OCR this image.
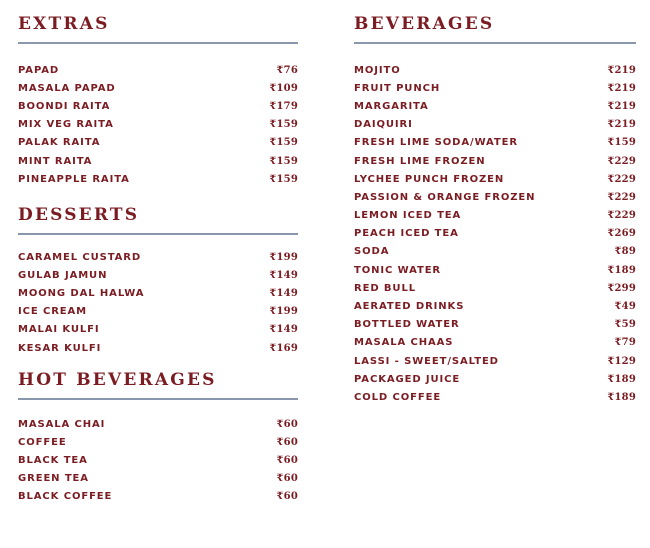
EXTRAS
PAPAD	₹76
MASALA PAPAD	₹109
BOONDI RAITA	₹179
MIX VEG RAITA	₹159
PALAK RAITA	₹159
MINT RAITA	₹159
PINEAPPLE RAITA	₹159
DESSERTS
CARAMEL CUSTARD	₹199
GULAB JAMUN	₹149
MOONG DAL HALWA	₹149
ICE CREAM	₹199
MALAI KULFI	₹149
KESAR KULFI	₹169
HOT BEVERAGES
MASALA CHAI	₹60
COFFEE	₹60
BLACK TEA	₹60
GREEN TEA	₹60
BLACK COFFEE	₹60
BEVERAGES
MOJITO	₹219
FRUIT PUNCH	₹219
MARGARITA	₹219
DAIQUIRI	₹219
FRESH LIME SODA/WATER	₹159
FRESH LIME FROZEN	₹229
LYCHEE PUNCH FROZEN	₹229
PASSION & ORANGE FROZEN	₹229
LEMON ICED TEA	₹229
PEACH ICED TEA	₹269
SODA	₹89
TONIC WATER	₹189
RED BULL	₹299
AERATED DRINKS	₹49
BOTTLED WATER	₹59
MASALA CHAAS	₹79
LASSI - SWEET/SALTED	₹129
PACKAGED JUICE	₹189
COLD COFFEE	₹189
